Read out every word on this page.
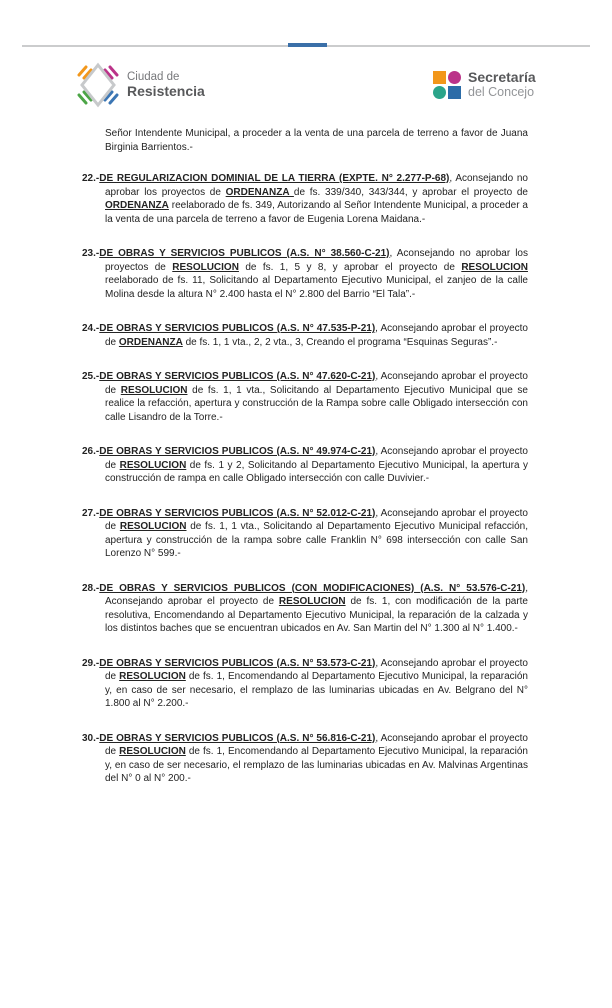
Ciudad de
Resistencia
Secretaría
del Concejo

Señor Intendente Municipal, a proceder a la venta de una parcela de terreno a favor de Juana Birginia Barrientos.-

22.-DE REGULARIZACION DOMINIAL DE LA TIERRA (EXPTE. N° 2.277-P-68), Aconsejando no aprobar los proyectos de ORDENANZA de fs. 339/340, 343/344, y aprobar el proyecto de ORDENANZA reelaborado de fs. 349, Autorizando al Señor Intendente Municipal, a proceder a la venta de una parcela de terreno a favor de Eugenia Lorena Maidana.-
23.-DE OBRAS Y SERVICIOS PUBLICOS (A.S. N° 38.560-C-21), Aconsejando no aprobar los proyectos de RESOLUCION de fs. 1, 5 y 8, y aprobar el proyecto de RESOLUCION reelaborado de fs. 11, Solicitando al Departamento Ejecutivo Municipal, el zanjeo de la calle Molina desde la altura N° 2.400 hasta el N° 2.800 del Barrio “El Tala”.-
24.-DE OBRAS Y SERVICIOS PUBLICOS (A.S. N° 47.535-P-21), Aconsejando aprobar el proyecto de ORDENANZA de fs. 1, 1 vta., 2, 2 vta., 3, Creando el programa “Esquinas Seguras”.-
25.-DE OBRAS Y SERVICIOS PUBLICOS (A.S. N° 47.620-C-21), Aconsejando aprobar el proyecto de RESOLUCION de fs. 1, 1 vta., Solicitando al Departamento Ejecutivo Municipal que se realice la refacción, apertura y construcción de la Rampa sobre calle Obligado intersección con calle Lisandro de la Torre.-
26.-DE OBRAS Y SERVICIOS PUBLICOS (A.S. N° 49.974-C-21), Aconsejando aprobar el proyecto de RESOLUCION de fs. 1 y 2, Solicitando al Departamento Ejecutivo Municipal, la apertura y construcción de rampa en calle Obligado intersección con calle Duvivier.-
27.-DE OBRAS Y SERVICIOS PUBLICOS (A.S. N° 52.012-C-21), Aconsejando aprobar el proyecto de RESOLUCION de fs. 1, 1 vta., Solicitando al Departamento Ejecutivo Municipal refacción, apertura y construcción de la rampa sobre calle Franklin N° 698 intersección con calle San Lorenzo N° 599.-
28.-DE OBRAS Y SERVICIOS PUBLICOS (CON MODIFICACIONES) (A.S. N° 53.576-C-21), Aconsejando aprobar el proyecto de RESOLUCION de fs. 1, con modificación de la parte resolutiva, Encomendando al Departamento Ejecutivo Municipal, la reparación de la calzada y los distintos baches que se encuentran ubicados en Av. San Martin del N° 1.300 al N° 1.400.-
29.-DE OBRAS Y SERVICIOS PUBLICOS (A.S. N° 53.573-C-21), Aconsejando aprobar el proyecto de RESOLUCION de fs. 1, Encomendando al Departamento Ejecutivo Municipal, la reparación y, en caso de ser necesario, el remplazo de las luminarias ubicadas en Av. Belgrano del N° 1.800 al N° 2.200.-
30.-DE OBRAS Y SERVICIOS PUBLICOS (A.S. N° 56.816-C-21), Aconsejando aprobar el proyecto de RESOLUCION de fs. 1, Encomendando al Departamento Ejecutivo Municipal, la reparación y, en caso de ser necesario, el remplazo de las luminarias ubicadas en Av. Malvinas Argentinas del N° 0 al N° 200.-
